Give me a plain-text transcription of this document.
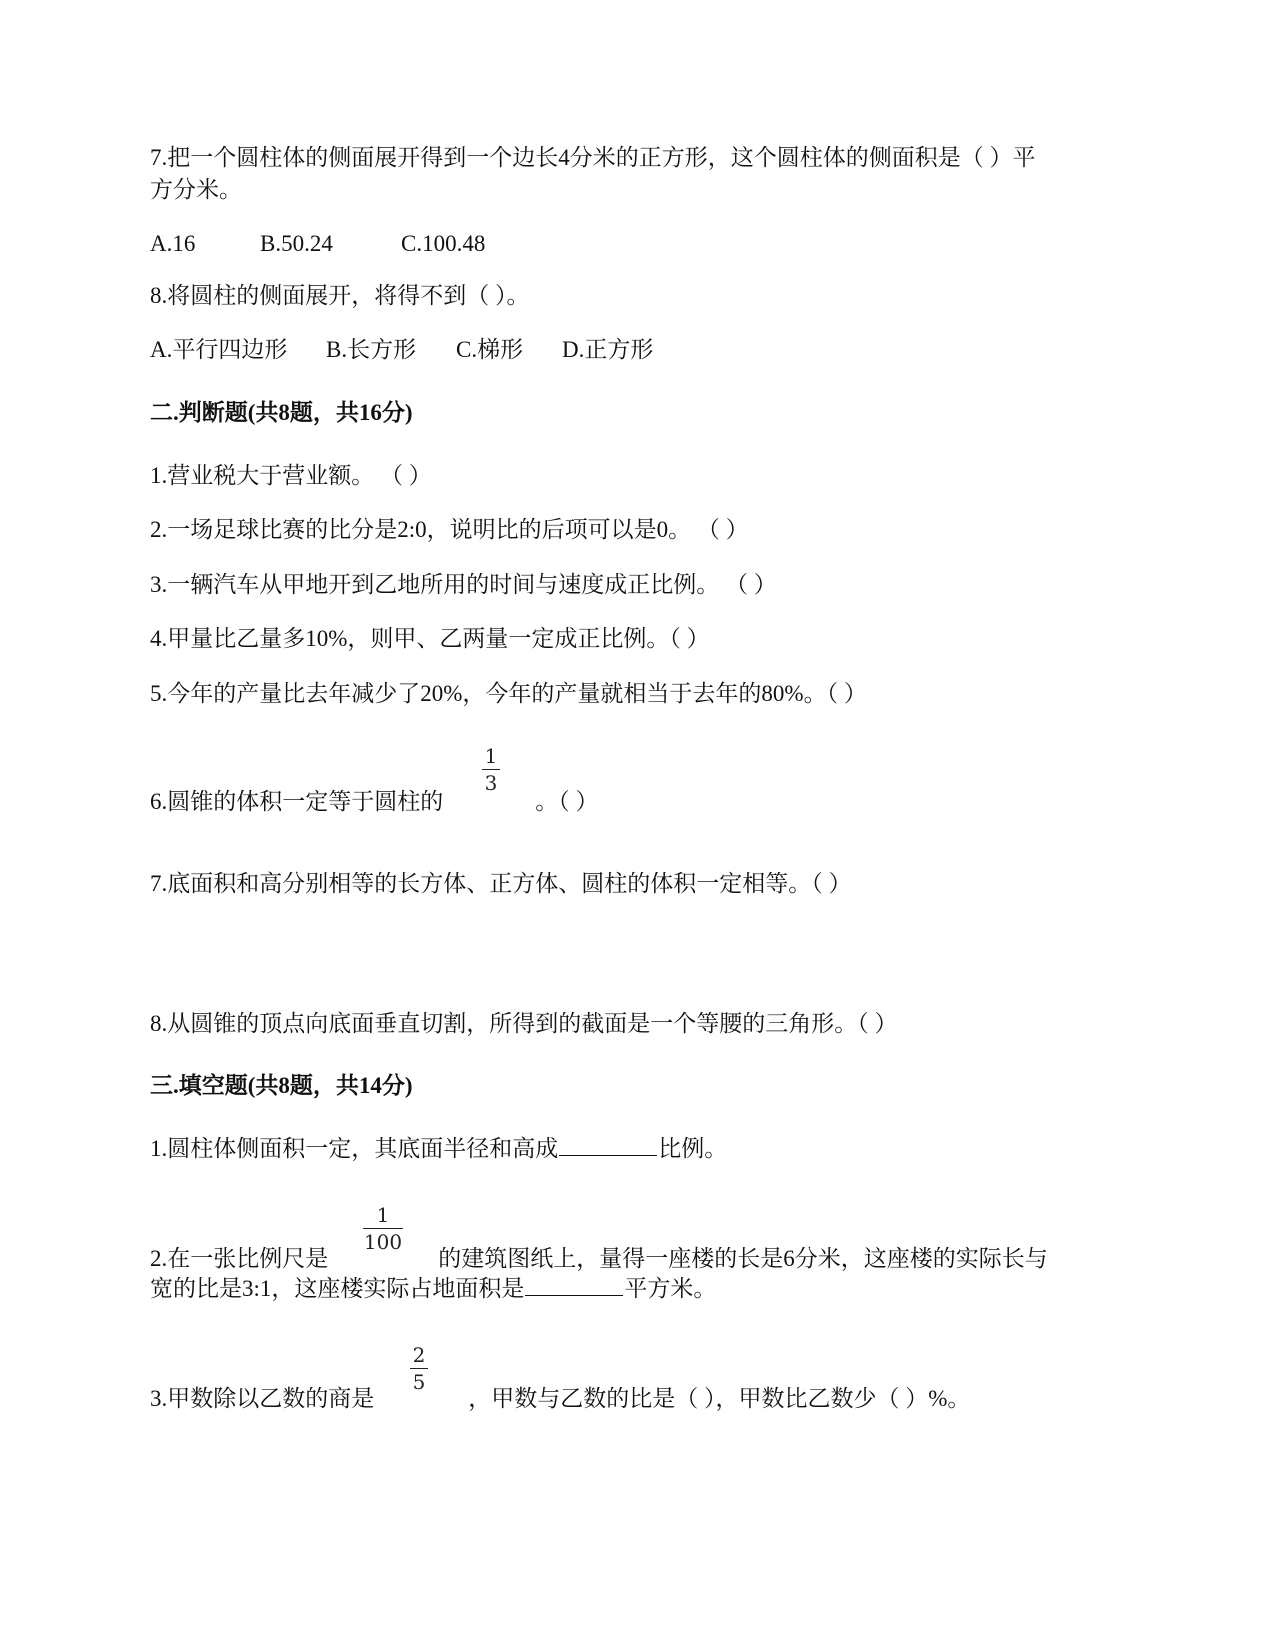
7.把一个圆柱体的侧面展开得到一个边长4分米的正方形，这个圆柱体的侧面积是（ ）平
方分米。
A.16	B.50.24	C.100.48
8.将圆柱的侧面展开，将得不到（ ）。
A.平行四边形 B.长方形 C.梯形 D.正方形
二.判断题(共8题，共16分)
1.营业税大于营业额。 （ ）
2.一场足球比赛的比分是2:0，说明比的后项可以是0。 （ ）
3.一辆汽车从甲地开到乙地所用的时间与速度成正比例。 （ ）
4.甲量比乙量多10%，则甲、乙两量一定成正比例。（ ）
5.今年的产量比去年减少了20%，今年的产量就相当于去年的80%。（ ）
6.圆锥的体积一定等于圆柱的	。（ ）
1
3
7.底面积和高分别相等的长方体、正方体、圆柱的体积一定相等。（ ）
8.从圆锥的顶点向底面垂直切割，所得到的截面是一个等腰的三角形。（ ）
三.填空题(共8题，共14分)
1.圆柱体侧面积一定，其底面半径和高成	比例。
2.在一张比例尺是	的建筑图纸上，量得一座楼的长是6分米，这座楼的实际长与
1
100
宽的比是3:1，这座楼实际占地面积是	平方米。
3.甲数除以乙数的商是	，甲数与乙数的比是（ ），甲数比乙数少（ ）%。
2
5
